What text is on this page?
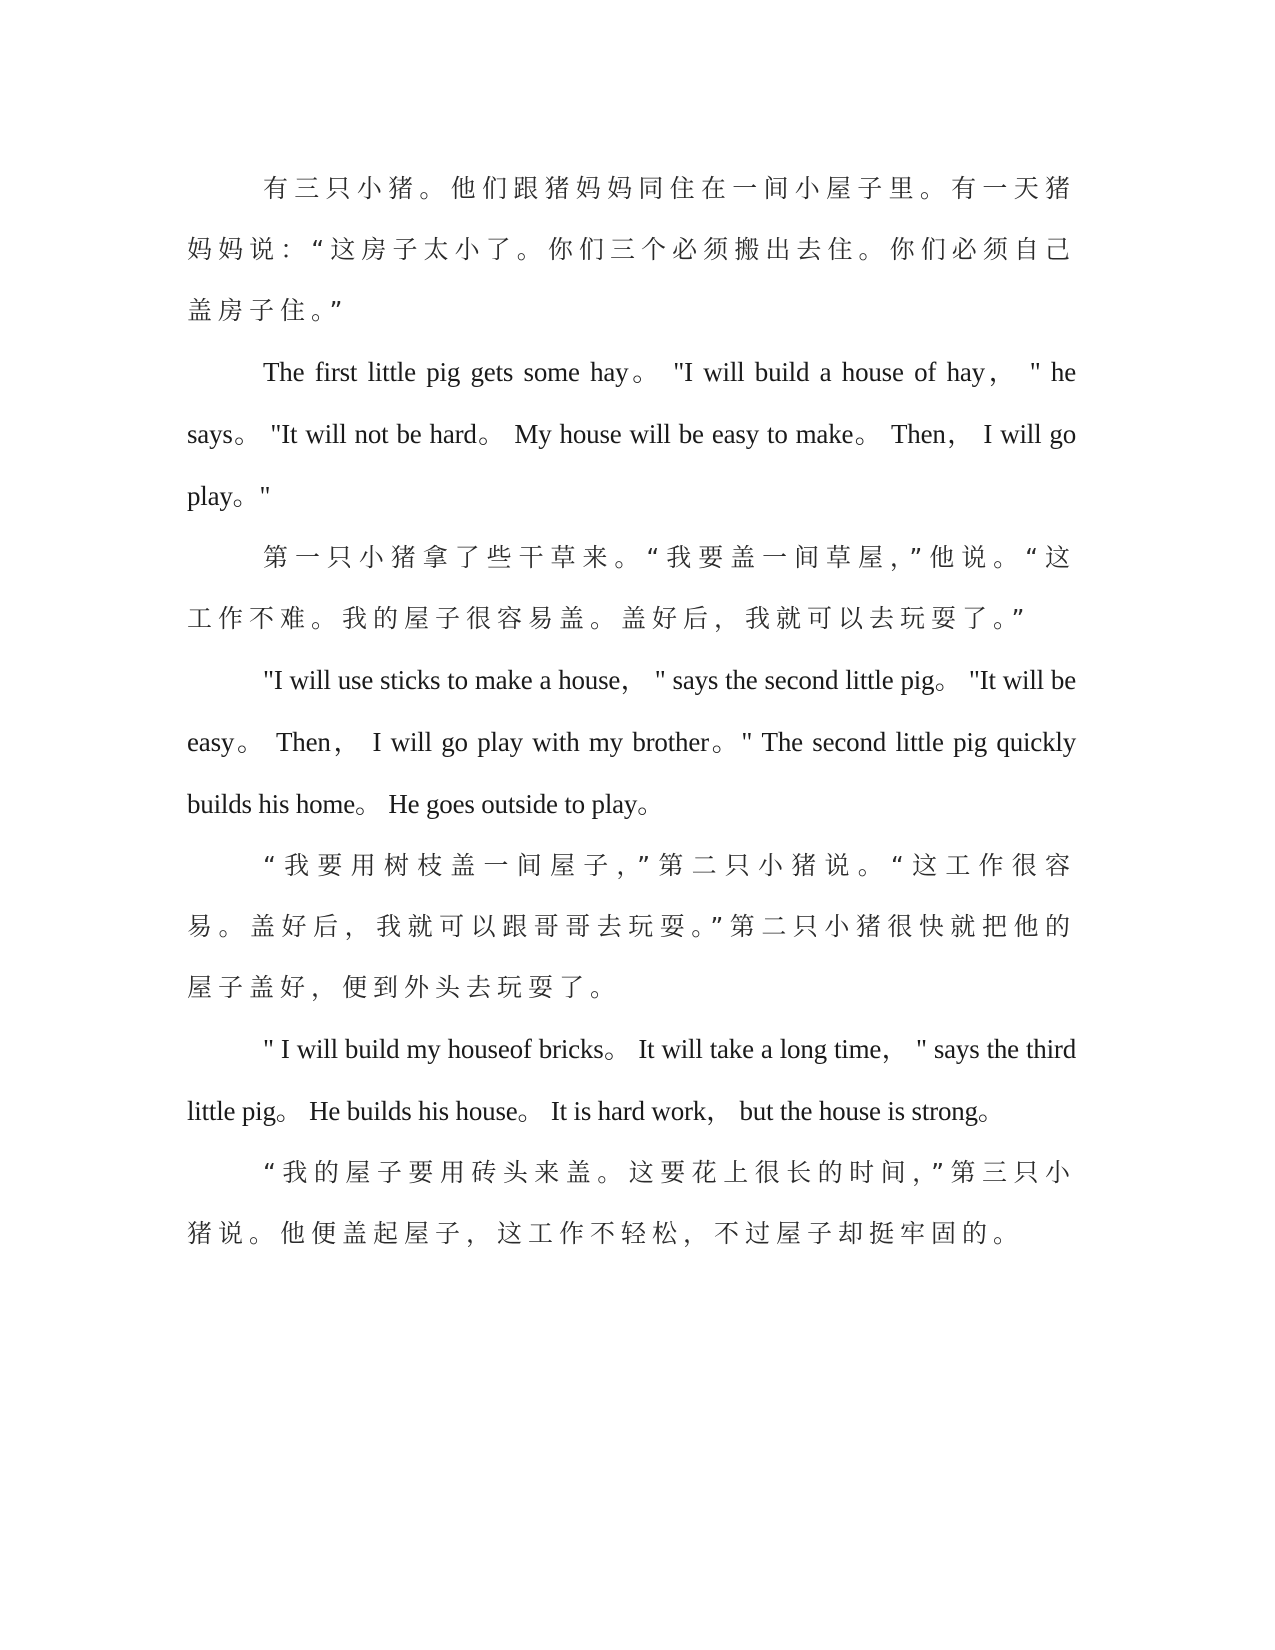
有三只小猪。他们跟猪妈妈同住在一间小屋子里。有一天猪妈妈说：“这房子太小了。你们三个必须搬出去住。你们必须自己盖房子住。”

The first little pig gets some hay。 "I will build a house of hay， " he says。 "It will not be hard。 My house will be easy to make。 Then， I will go play。"

第一只小猪拿了些干草来。“我要盖一间草屋，”他说。“这工作不难。我的屋子很容易盖。盖好后，我就可以去玩耍了。”

"I will use sticks to make a house， " says the second little pig。 "It will be easy。 Then， I will go play with my brother。" The second little pig quickly builds his home。 He goes outside to play。

“我要用树枝盖一间屋子，”第二只小猪说。“这工作很容易。盖好后，我就可以跟哥哥去玩耍。”第二只小猪很快就把他的屋子盖好，便到外头去玩耍了。

" I will build my houseof bricks。 It will take a long time， " says the third little pig。 He builds his house。 It is hard work， but the house is strong。

“我的屋子要用砖头来盖。这要花上很长的时间，”第三只小猪说。他便盖起屋子，这工作不轻松，不过屋子却挺牢固的。
